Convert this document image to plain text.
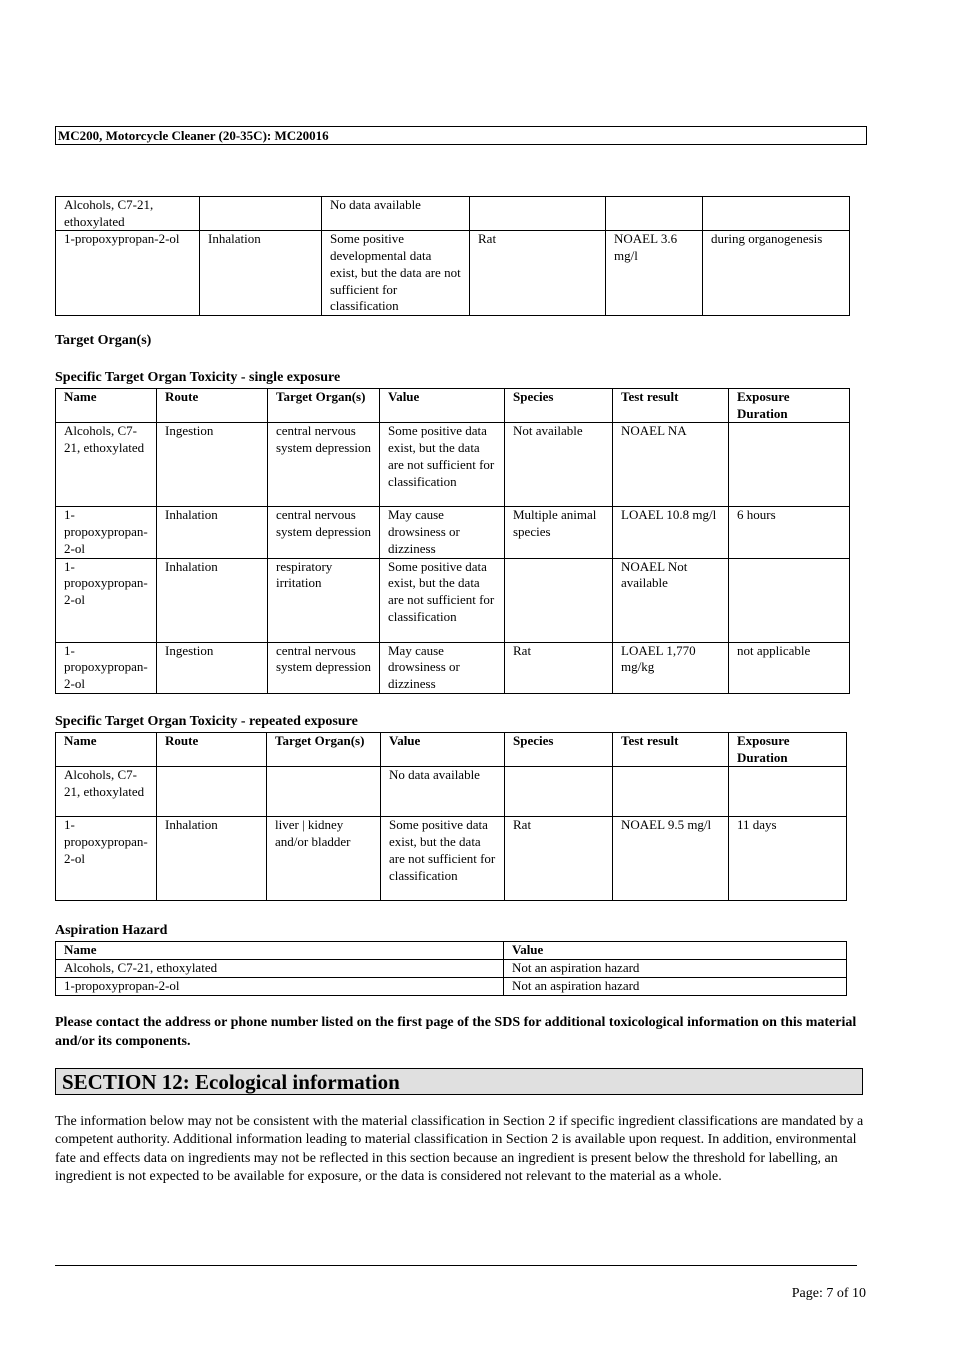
MC200, Motorcycle Cleaner (20-35C): MC20016
Alcohols, C7-21, ethoxylated		No data available			
1-propoxypropan-2-ol	Inhalation	Some positive developmental data exist, but the data are not sufficient for classification	Rat	NOAEL 3.6 mg/l	during organogenesis
Target Organ(s)
Specific Target Organ Toxicity - single exposure
Name	Route	Target Organ(s)	Value	Species	Test result	Exposure Duration
Alcohols, C7-21, ethoxylated	Ingestion	central nervous system depression	Some positive data exist, but the data are not sufficient for classification	Not available	NOAEL NA	
1-propoxypropan-2-ol	Inhalation	central nervous system depression	May cause drowsiness or dizziness	Multiple animal species	LOAEL 10.8 mg/l	6 hours
1-propoxypropan-2-ol	Inhalation	respiratory irritation	Some positive data exist, but the data are not sufficient for classification		NOAEL Not available	
1-propoxypropan-2-ol	Ingestion	central nervous system depression	May cause drowsiness or dizziness	Rat	LOAEL 1,770 mg/kg	not applicable
Specific Target Organ Toxicity - repeated exposure
Name	Route	Target Organ(s)	Value	Species	Test result	Exposure Duration
Alcohols, C7-21, ethoxylated			No data available			
1-propoxypropan-2-ol	Inhalation	liver | kidney and/or bladder	Some positive data exist, but the data are not sufficient for classification	Rat	NOAEL 9.5 mg/l	11 days
Aspiration Hazard
Name	Value
Alcohols, C7-21, ethoxylated	Not an aspiration hazard
1-propoxypropan-2-ol	Not an aspiration hazard
Please contact the address or phone number listed on the first page of the SDS for additional toxicological information on this material and/or its components.
SECTION 12: Ecological information
The information below may not be consistent with the material classification in Section 2 if specific ingredient classifications are mandated by a competent authority. Additional information leading to material classification in Section 2 is available upon request. In addition, environmental fate and effects data on ingredients may not be reflected in this section because an ingredient is present below the threshold for labelling, an ingredient is not expected to be available for exposure, or the data is considered not relevant to the material as a whole.
Page: 7 of 10
